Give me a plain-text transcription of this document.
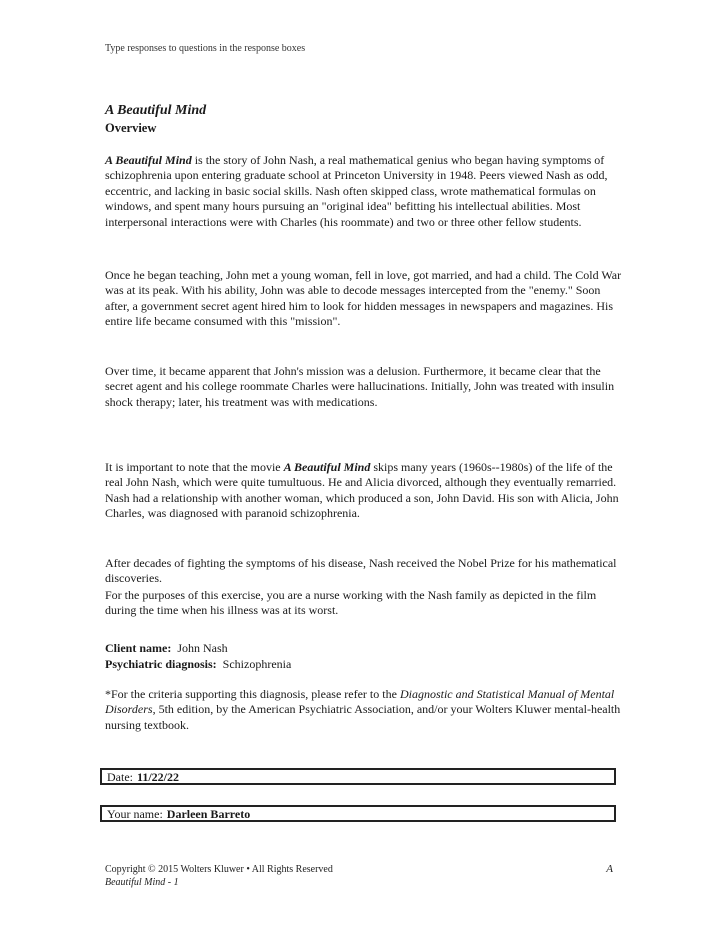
Type responses to questions in the response boxes
A Beautiful Mind
Overview
A Beautiful Mind is the story of John Nash, a real mathematical genius who began having symptoms of schizophrenia upon entering graduate school at Princeton University in 1948. Peers viewed Nash as odd, eccentric, and lacking in basic social skills. Nash often skipped class, wrote mathematical formulas on windows, and spent many hours pursuing an "original idea" befitting his intellectual abilities. Most interpersonal interactions were with Charles (his roommate) and two or three other fellow students.
Once he began teaching, John met a young woman, fell in love, got married, and had a child. The Cold War was at its peak. With his ability, John was able to decode messages intercepted from the "enemy." Soon after, a government secret agent hired him to look for hidden messages in newspapers and magazines. His entire life became consumed with this "mission".
Over time, it became apparent that John's mission was a delusion. Furthermore, it became clear that the secret agent and his college roommate Charles were hallucinations. Initially, John was treated with insulin shock therapy; later, his treatment was with medications.
It is important to note that the movie A Beautiful Mind skips many years (1960s--1980s) of the life of the real John Nash, which were quite tumultuous. He and Alicia divorced, although they eventually remarried. Nash had a relationship with another woman, which produced a son, John David. His son with Alicia, John Charles, was diagnosed with paranoid schizophrenia.
After decades of fighting the symptoms of his disease, Nash received the Nobel Prize for his mathematical discoveries.
For the purposes of this exercise, you are a nurse working with the Nash family as depicted in the film during the time when his illness was at its worst.
Client name: John Nash
Psychiatric diagnosis: Schizophrenia
*For the criteria supporting this diagnosis, please refer to the Diagnostic and Statistical Manual of Mental Disorders, 5th edition, by the American Psychiatric Association, and/or your Wolters Kluwer mental-health nursing textbook.
Date: 11/22/22
Your name: Darleen Barreto
Copyright © 2015 Wolters Kluwer • All Rights Reserved	A
Beautiful Mind - 1
